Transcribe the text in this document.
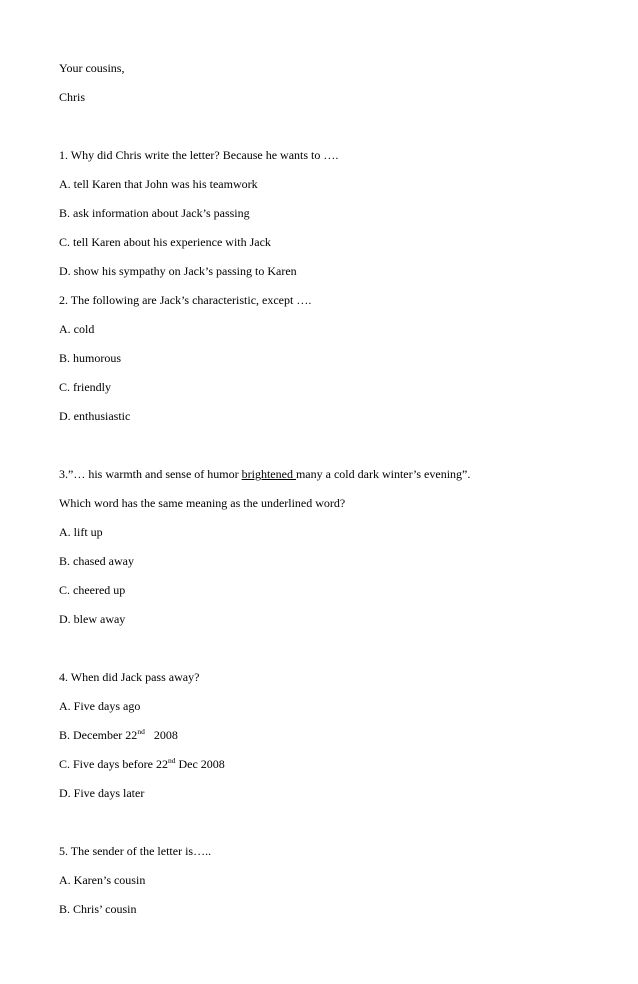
Your cousins,
Chris
1. Why did Chris write the letter? Because he wants to ….
A. tell Karen that John was his teamwork
B. ask information about Jack’s passing
C. tell Karen about his experience with Jack
D. show his sympathy on Jack’s passing to Karen
2. The following are Jack’s characteristic, except ….
A. cold
B. humorous
C. friendly
D. enthusiastic
3.”… his warmth and sense of humor brightened many a cold dark winter’s evening”.
Which word has the same meaning as the underlined word?
A. lift up
B. chased away
C. cheered up
D. blew away
4. When did Jack pass away?
A. Five days ago
B. December 22nd   2008
C. Five days before 22nd Dec 2008
D. Five days later
5. The sender of the letter is…..
A. Karen’s cousin
B. Chris’ cousin
